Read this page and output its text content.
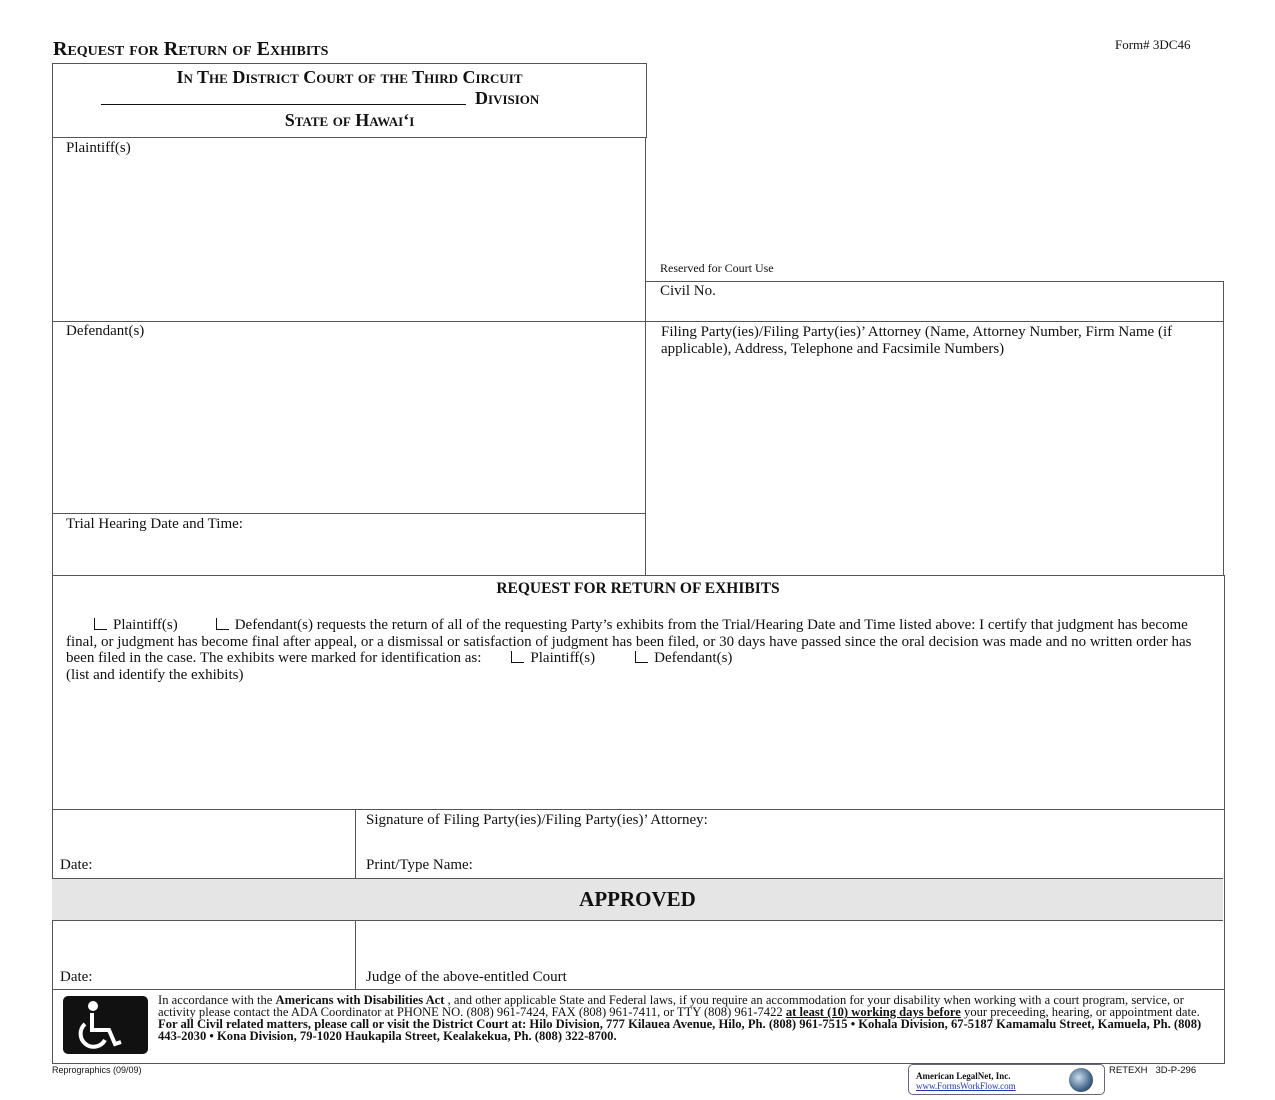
Request for Return of Exhibits	Form# 3DC46
In The District Court of the Third Circuit
Division
State of Hawai‘i
Plaintiff(s)
Defendant(s)
Trial Hearing Date and Time:
Reserved for Court Use
Civil No.
Filing Party(ies)/Filing Party(ies)’ Attorney (Name, Attorney Number, Firm Name (if applicable), Address, Telephone and Facsimile Numbers)
REQUEST FOR RETURN OF EXHIBITS
Plaintiff(s)	Defendant(s) requests the return of all of the requesting Party’s exhibits from the Trial/Hearing Date and Time listed above: I certify that judgment has become final, or judgment has become final after appeal, or a dismissal or satisfaction of judgment has been filed, or 30 days have passed since the oral decision was made and no written order has been filed in the case. The exhibits were marked for identification as:	Plaintiff(s)	Defendant(s)
(list and identify the exhibits)
Date:
Signature of Filing Party(ies)/Filing Party(ies)’ Attorney:
Print/Type Name:
APPROVED
Date:	Judge of the above-entitled Court
In accordance with the Americans with Disabilities Act , and other applicable State and Federal laws, if you require an accommodation for your disability when working with a court program, service, or activity please contact the ADA Coordinator at PHONE NO. (808) 961-7424, FAX (808) 961-7411, or TTY (808) 961-7422 at least (10) working days before your preceeding, hearing, or appointment date.
For all Civil related matters, please call or visit the District Court at: Hilo Division, 777 Kilauea Avenue, Hilo, Ph. (808) 961-7515 • Kohala Division, 67-5187 Kamamalu Street, Kamuela, Ph. (808) 443-2030 • Kona Division, 79-1020 Haukapila Street, Kealakekua, Ph. (808) 322-8700.
Reprographics (09/09)
American LegalNet, Inc.
www.FormsWorkFlow.com
RETEXH   3D-P-296
